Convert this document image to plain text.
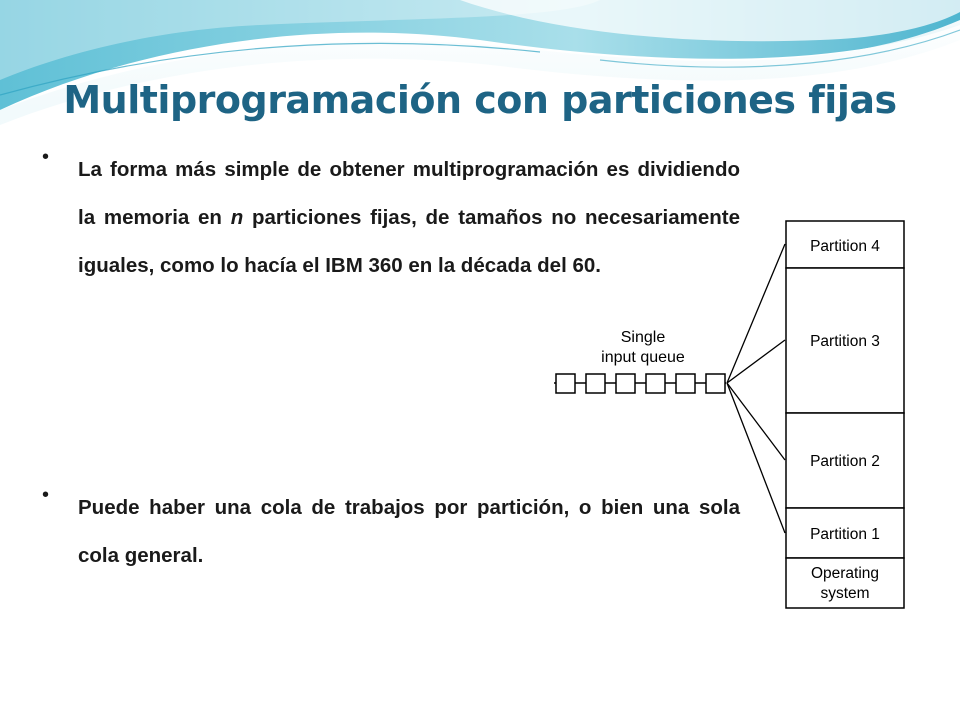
Multiprogramación con particiones fijas
•
La forma más simple de obtener multiprogramación es dividiendo la memoria en n particiones fijas, de tamaños no necesariamente iguales, como lo hacía el IBM 360 en la década del 60.
•
Puede haber una cola de trabajos por partición, o bien una sola cola general.
Single
input queue
Partition 4
Partition 3
Partition 2
Partition 1
Operating
system
